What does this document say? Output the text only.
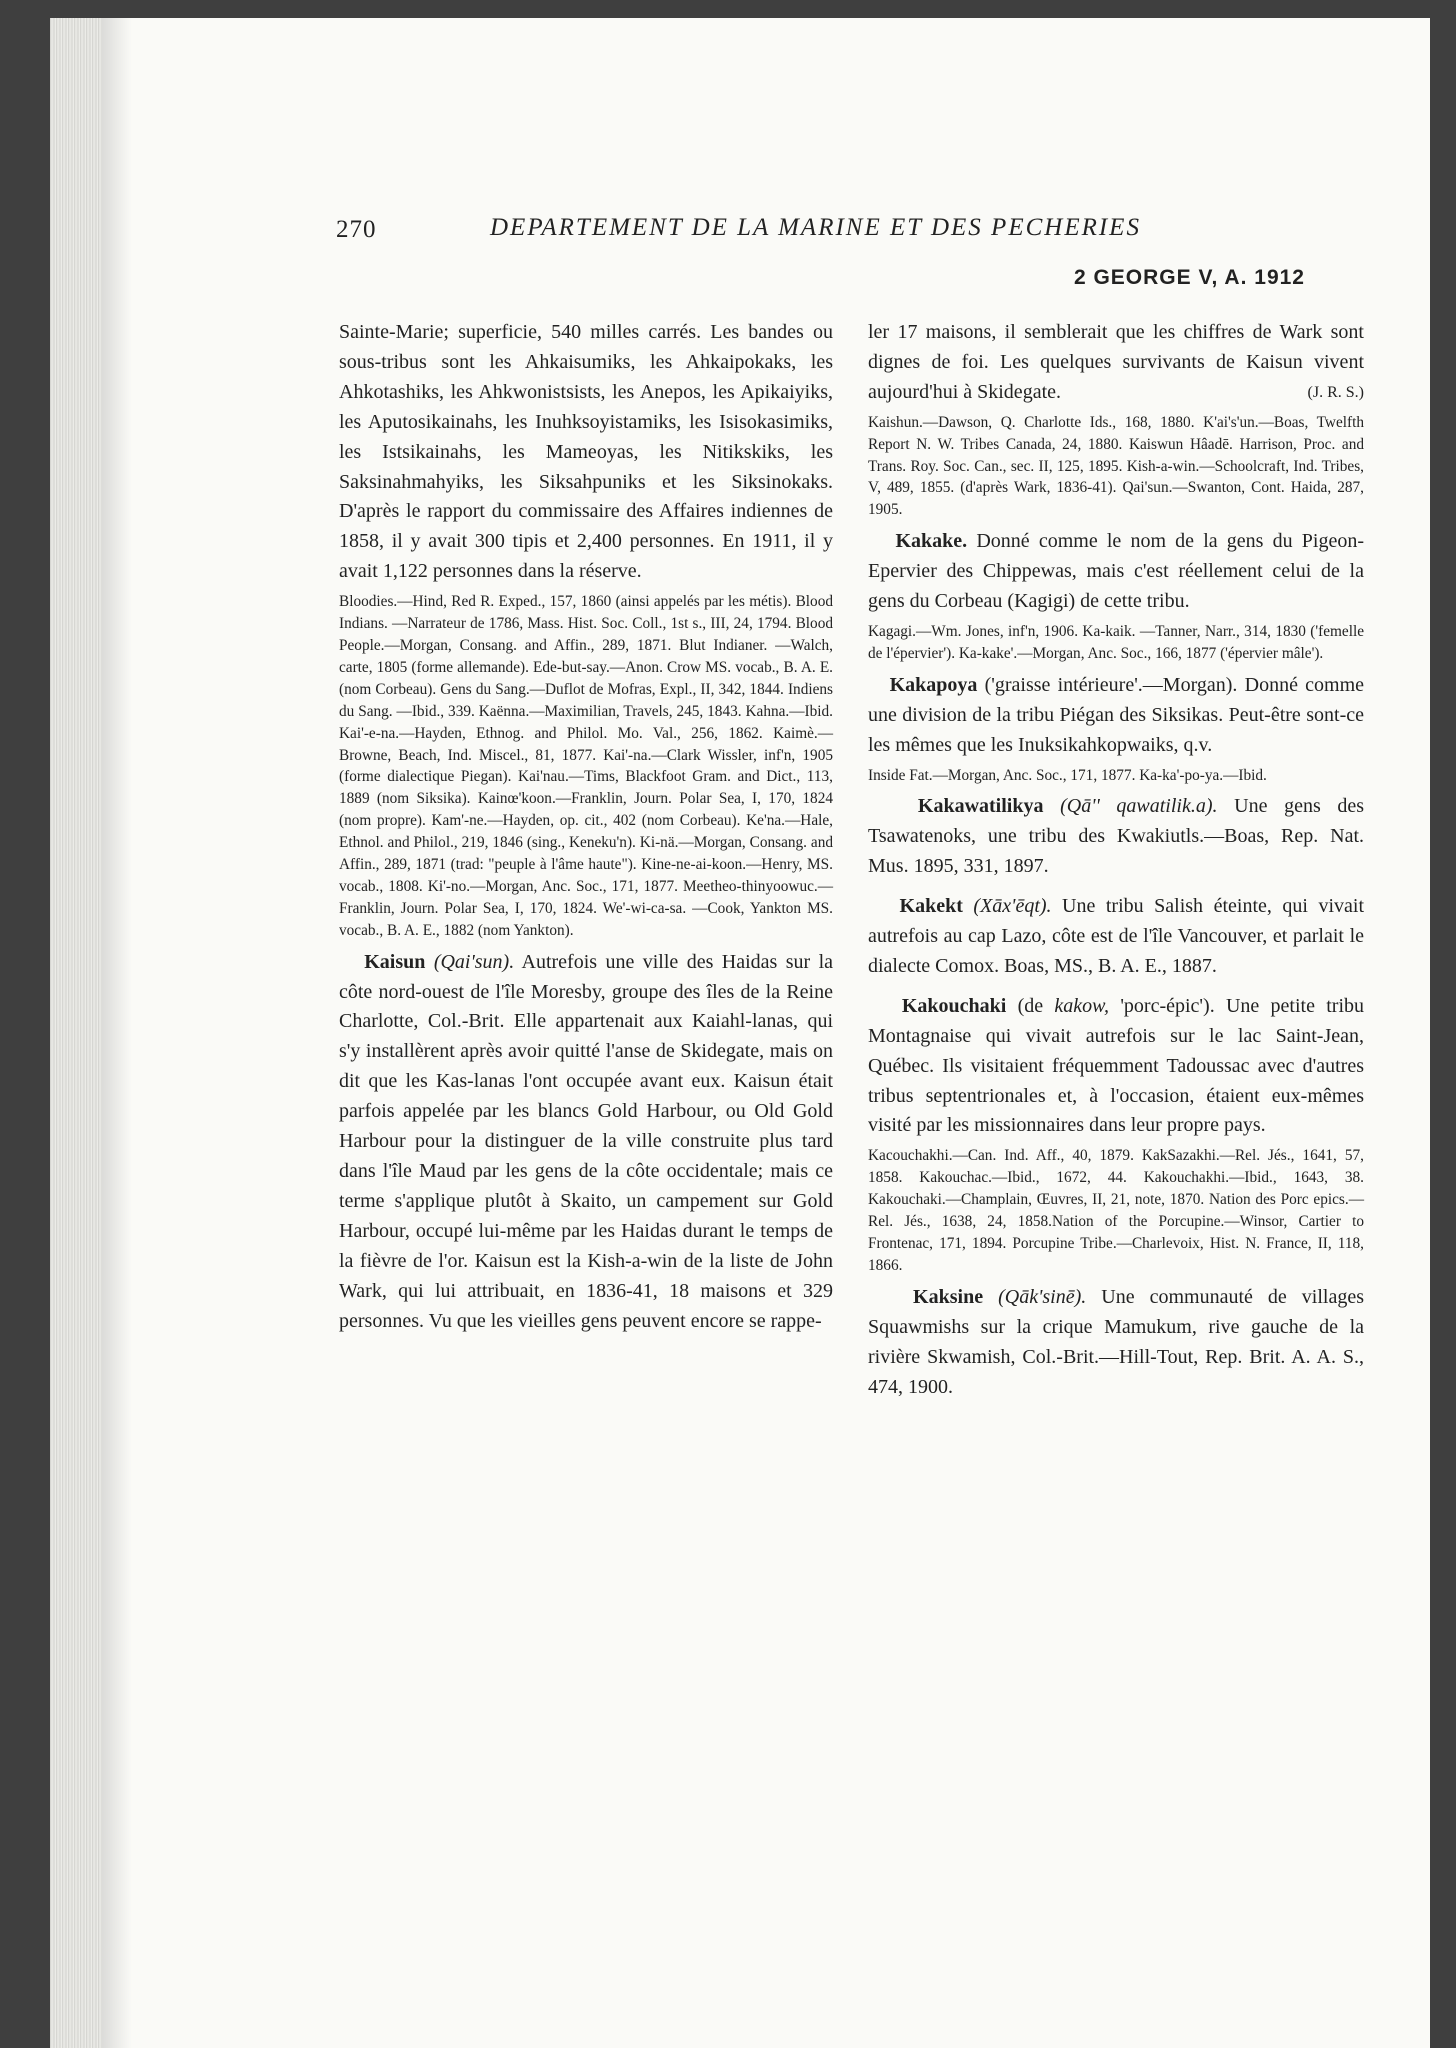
270	DEPARTEMENT DE LA MARINE ET DES PECHERIES
2 GEORGE V, A. 1912

Sainte-Marie; superficie, 540 milles carrés. Les bandes ou sous-tribus sont les Ahkaisumiks, les Ahkaipokaks, les Ahkotashiks, les Ahkwonistsists, les Anepos, les Apikaiyiks, les Aputosikainahs, les Inuhksoyistamiks, les Isisokasimiks, les Istsikainahs, les Mameoyas, les Nitikskiks, les Saksinahmahyiks, les Siksahpuniks et les Siksinokaks. D'après le rapport du commissaire des Affaires indiennes de 1858, il y avait 300 tipis et 2,400 personnes. En 1911, il y avait 1,122 personnes dans la réserve.

Bloodies.—Hind, Red R. Exped., 157, 1860 (ainsi appelés par les métis). Blood Indians. —Narrateur de 1786, Mass. Hist. Soc. Coll., 1st s., III, 24, 1794. Blood People.—Morgan, Consang. and Affin., 289, 1871. Blut Indianer. —Walch, carte, 1805 (forme allemande). Ede-but-say.—Anon. Crow MS. vocab., B. A. E. (nom Corbeau). Gens du Sang.—Duflot de Mofras, Expl., II, 342, 1844. Indiens du Sang. —Ibid., 339. Kaënna.—Maximilian, Travels, 245, 1843. Kahna.—Ibid. Kai'-e-na.—Hayden, Ethnog. and Philol. Mo. Val., 256, 1862. Kaimè.—Browne, Beach, Ind. Miscel., 81, 1877. Kai'-na.—Clark Wissler, inf'n, 1905 (forme dialectique Piegan). Kai'nau.—Tims, Blackfoot Gram. and Dict., 113, 1889 (nom Siksika). Kainœ'koon.—Franklin, Journ. Polar Sea, I, 170, 1824 (nom propre). Kam'-ne.—Hayden, op. cit., 402 (nom Corbeau). Ke'na.—Hale, Ethnol. and Philol., 219, 1846 (sing., Keneku'n). Ki-nä.—Morgan, Consang. and Affin., 289, 1871 (trad: "peuple à l'âme haute"). Kine-ne-ai-koon.—Henry, MS. vocab., 1808. Ki'-no.—Morgan, Anc. Soc., 171, 1877. Meetheo-thinyoowuc.—Franklin, Journ. Polar Sea, I, 170, 1824. We'-wi-ca-sa. —Cook, Yankton MS. vocab., B. A. E., 1882 (nom Yankton).

Kaisun (Qai'sun). Autrefois une ville des Haidas sur la côte nord-ouest de l'île Moresby, groupe des îles de la Reine Charlotte, Col.-Brit. Elle appartenait aux Kaiahl-lanas, qui s'y installèrent après avoir quitté l'anse de Skidegate, mais on dit que les Kas-lanas l'ont occupée avant eux. Kaisun était parfois appelée par les blancs Gold Harbour, ou Old Gold Harbour pour la distinguer de la ville construite plus tard dans l'île Maud par les gens de la côte occidentale; mais ce terme s'applique plutôt à Skaito, un campement sur Gold Harbour, occupé lui-même par les Haidas durant le temps de la fièvre de l'or. Kaisun est la Kish-a-win de la liste de John Wark, qui lui attribuait, en 1836-41, 18 maisons et 329 personnes. Vu que les vieilles gens peuvent encore se rappe-

ler 17 maisons, il semblerait que les chiffres de Wark sont dignes de foi. Les quelques survivants de Kaisun vivent aujourd'hui à Skidegate.	(J. R. S.)

Kaishun.—Dawson, Q. Charlotte Ids., 168, 1880. K'ai's'un.—Boas, Twelfth Report N. W. Tribes Canada, 24, 1880. Kaiswun Hâadē. Harrison, Proc. and Trans. Roy. Soc. Can., sec. II, 125, 1895. Kish-a-win.—Schoolcraft, Ind. Tribes, V, 489, 1855. (d'après Wark, 1836-41). Qai'sun.—Swanton, Cont. Haida, 287, 1905.

Kakake. Donné comme le nom de la gens du Pigeon-Epervier des Chippewas, mais c'est réellement celui de la gens du Corbeau (Kagigi) de cette tribu.

Kagagi.—Wm. Jones, inf'n, 1906. Ka-kaik. —Tanner, Narr., 314, 1830 ('femelle de l'épervier'). Ka-kake'.—Morgan, Anc. Soc., 166, 1877 ('épervier mâle').

Kakapoya ('graisse intérieure'.—Morgan). Donné comme une division de la tribu Piégan des Siksikas. Peut-être sont-ce les mêmes que les Inuksikahkopwaiks, q.v.

Inside Fat.—Morgan, Anc. Soc., 171, 1877. Ka-ka'-po-ya.—Ibid.

Kakawatilikya (Qā'' qawatilik.a). Une gens des Tsawatenoks, une tribu des Kwakiutls.—Boas, Rep. Nat. Mus. 1895, 331, 1897.

Kakekt (Xāx'ēqt). Une tribu Salish éteinte, qui vivait autrefois au cap Lazo, côte est de l'île Vancouver, et parlait le dialecte Comox. Boas, MS., B. A. E., 1887.

Kakouchaki (de kakow, 'porc-épic'). Une petite tribu Montagnaise qui vivait autrefois sur le lac Saint-Jean, Québec. Ils visitaient fréquemment Tadoussac avec d'autres tribus septentrionales et, à l'occasion, étaient eux-mêmes visité par les missionnaires dans leur propre pays.

Kacouchakhi.—Can. Ind. Aff., 40, 1879. KakSazakhi.—Rel. Jés., 1641, 57, 1858. Kakouchac.—Ibid., 1672, 44. Kakouchakhi.—Ibid., 1643, 38. Kakouchaki.—Champlain, Œuvres, II, 21, note, 1870. Nation des Porc epics.—Rel. Jés., 1638, 24, 1858.Nation of the Porcupine.—Winsor, Cartier to Frontenac, 171, 1894. Porcupine Tribe.—Charlevoix, Hist. N. France, II, 118, 1866.

Kaksine (Qāk'sinē). Une communauté de villages Squawmishs sur la crique Mamukum, rive gauche de la rivière Skwamish, Col.-Brit.—Hill-Tout, Rep. Brit. A. A. S., 474, 1900.
